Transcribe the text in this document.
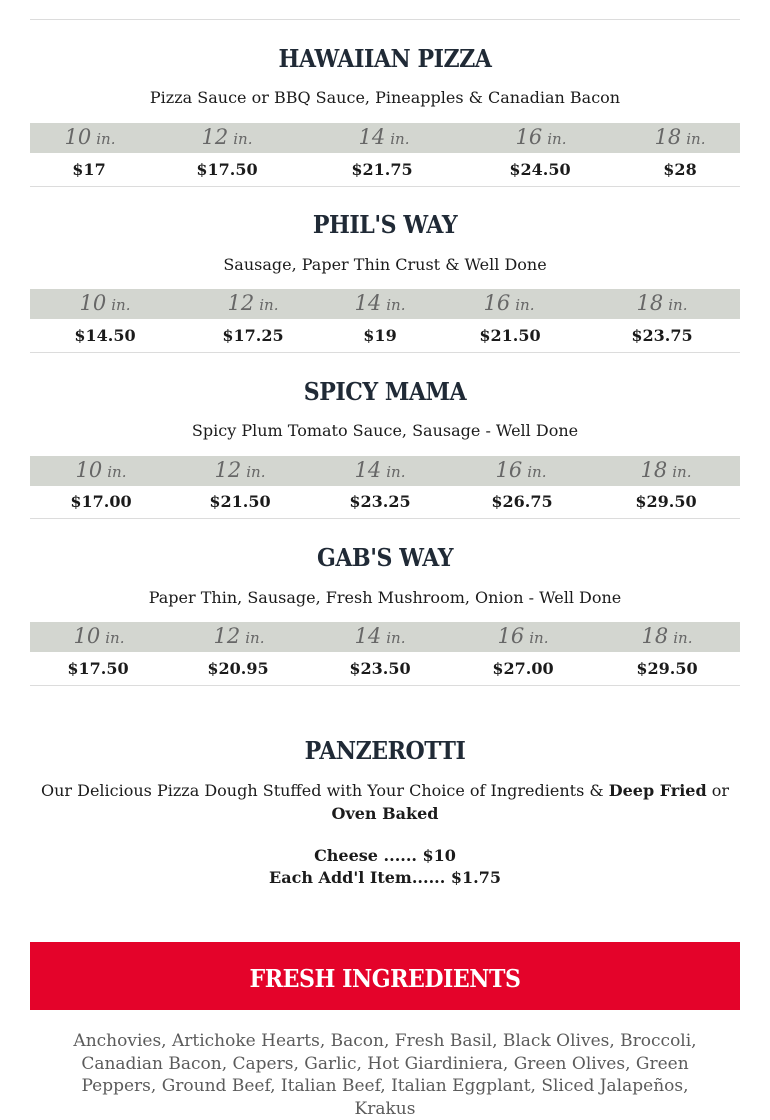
HAWAIIAN PIZZA
Pizza Sauce or BBQ Sauce, Pineapples & Canadian Bacon
10 in.	12 in.	14 in.	16 in.	18 in.
$17	$17.50	$21.75	$24.50	$28
PHIL'S WAY
Sausage, Paper Thin Crust & Well Done
10 in.	12 in.	14 in.	16 in.	18 in.
$14.50	$17.25	$19	$21.50	$23.75
SPICY MAMA
Spicy Plum Tomato Sauce, Sausage - Well Done
10 in.	12 in.	14 in.	16 in.	18 in.
$17.00	$21.50	$23.25	$26.75	$29.50
GAB'S WAY
Paper Thin, Sausage, Fresh Mushroom, Onion - Well Done
10 in.	12 in.	14 in.	16 in.	18 in.
$17.50	$20.95	$23.50	$27.00	$29.50
PANZEROTTI
Our Delicious Pizza Dough Stuffed with Your Choice of Ingredients & Deep Fried or Oven Baked
Cheese ...... $10
Each Add'l Item...... $1.75
FRESH INGREDIENTS
Anchovies, Artichoke Hearts, Bacon, Fresh Basil, Black Olives, Broccoli, Canadian Bacon, Capers, Garlic, Hot Giardiniera, Green Olives, Green Peppers, Ground Beef, Italian Beef, Italian Eggplant, Sliced Jalapeños, Krakus
